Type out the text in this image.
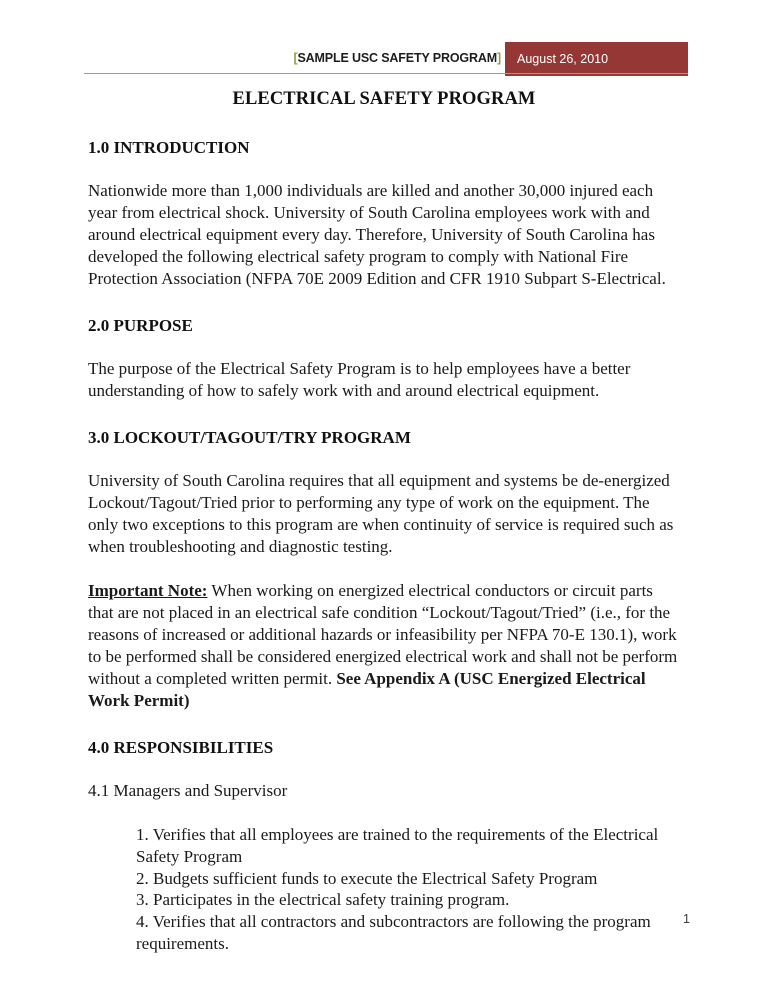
[SAMPLE USC SAFETY PROGRAM] August 26, 2010
ELECTRICAL SAFETY PROGRAM
1.0 INTRODUCTION

Nationwide more than 1,000 individuals are killed and another 30,000 injured each year from electrical shock. University of South Carolina employees work with and around electrical equipment every day. Therefore, University of South Carolina has developed the following electrical safety program to comply with National Fire Protection Association (NFPA 70E 2009 Edition and CFR 1910 Subpart S-Electrical.

2.0 PURPOSE

The purpose of the Electrical Safety Program is to help employees have a better understanding of how to safely work with and around electrical equipment.

3.0 LOCKOUT/TAGOUT/TRY PROGRAM

University of South Carolina requires that all equipment and systems be de-energized Lockout/Tagout/Tried prior to performing any type of work on the equipment. The only two exceptions to this program are when continuity of service is required such as when troubleshooting and diagnostic testing.

Important Note: When working on energized electrical conductors or circuit parts that are not placed in an electrical safe condition “Lockout/Tagout/Tried” (i.e., for the reasons of increased or additional hazards or infeasibility per NFPA 70-E 130.1), work to be performed shall be considered energized electrical work and shall not be perform without a completed written permit. See Appendix A (USC Energized Electrical Work Permit)

4.0 RESPONSIBILITIES
4.1 Managers and Supervisor
1. Verifies that all employees are trained to the requirements of the Electrical Safety Program
2. Budgets sufficient funds to execute the Electrical Safety Program
3. Participates in the electrical safety training program.
4. Verifies that all contractors and subcontractors are following the program requirements.
1
